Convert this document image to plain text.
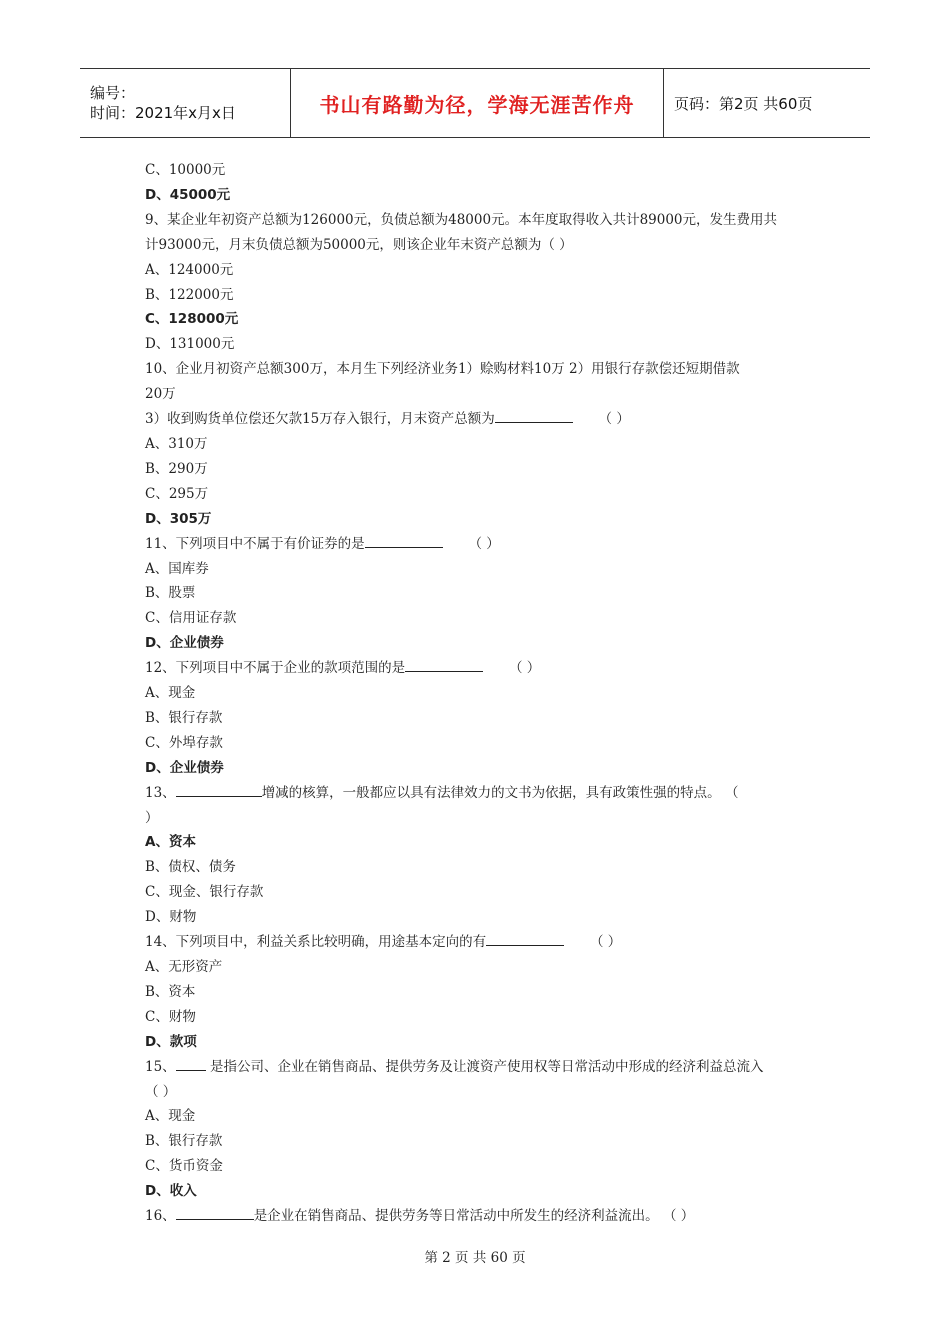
编号：
时间：2021年x月x日	书山有路勤为径，学海无涯苦作舟	页码：第2页 共60页
C、10000元
D、45000元
9、某企业年初资产总额为126000元，负债总额为48000元。本年度取得收入共计89000元，发生费用共
计93000元，月末负债总额为50000元，则该企业年末资产总额为（ ）
A、124000元
B、122000元
C、128000元
D、131000元
10、企业月初资产总额300万，本月生下列经济业务1）赊购材料10万 2）用银行存款偿还短期借款
20万
3）收到购货单位偿还欠款15万存入银行，月末资产总额为	（ ）
A、310万
B、290万
C、295万
D、305万
11、下列项目中不属于有价证券的是	（ ）
A、国库券
B、股票
C、信用证存款
D、企业债券
12、下列项目中不属于企业的款项范围的是	（ ）
A、现金
B、银行存款
C、外埠存款
D、企业债券
13、	增减的核算，一般都应以具有法律效力的文书为依据，具有政策性强的特点。 （
）
A、资本
B、债权、债务
C、现金、银行存款
D、财物
14、下列项目中，利益关系比较明确，用途基本定向的有	（ ）
A、无形资产
B、资本
C、财物
D、款项
15、 是指公司、企业在销售商品、提供劳务及让渡资产使用权等日常活动中形成的经济利益总流入
（ ）
A、现金
B、银行存款
C、货币资金
D、收入
16、	是企业在销售商品、提供劳务等日常活动中所发生的经济利益流出。 （ ）
第 2 页 共 60 页
